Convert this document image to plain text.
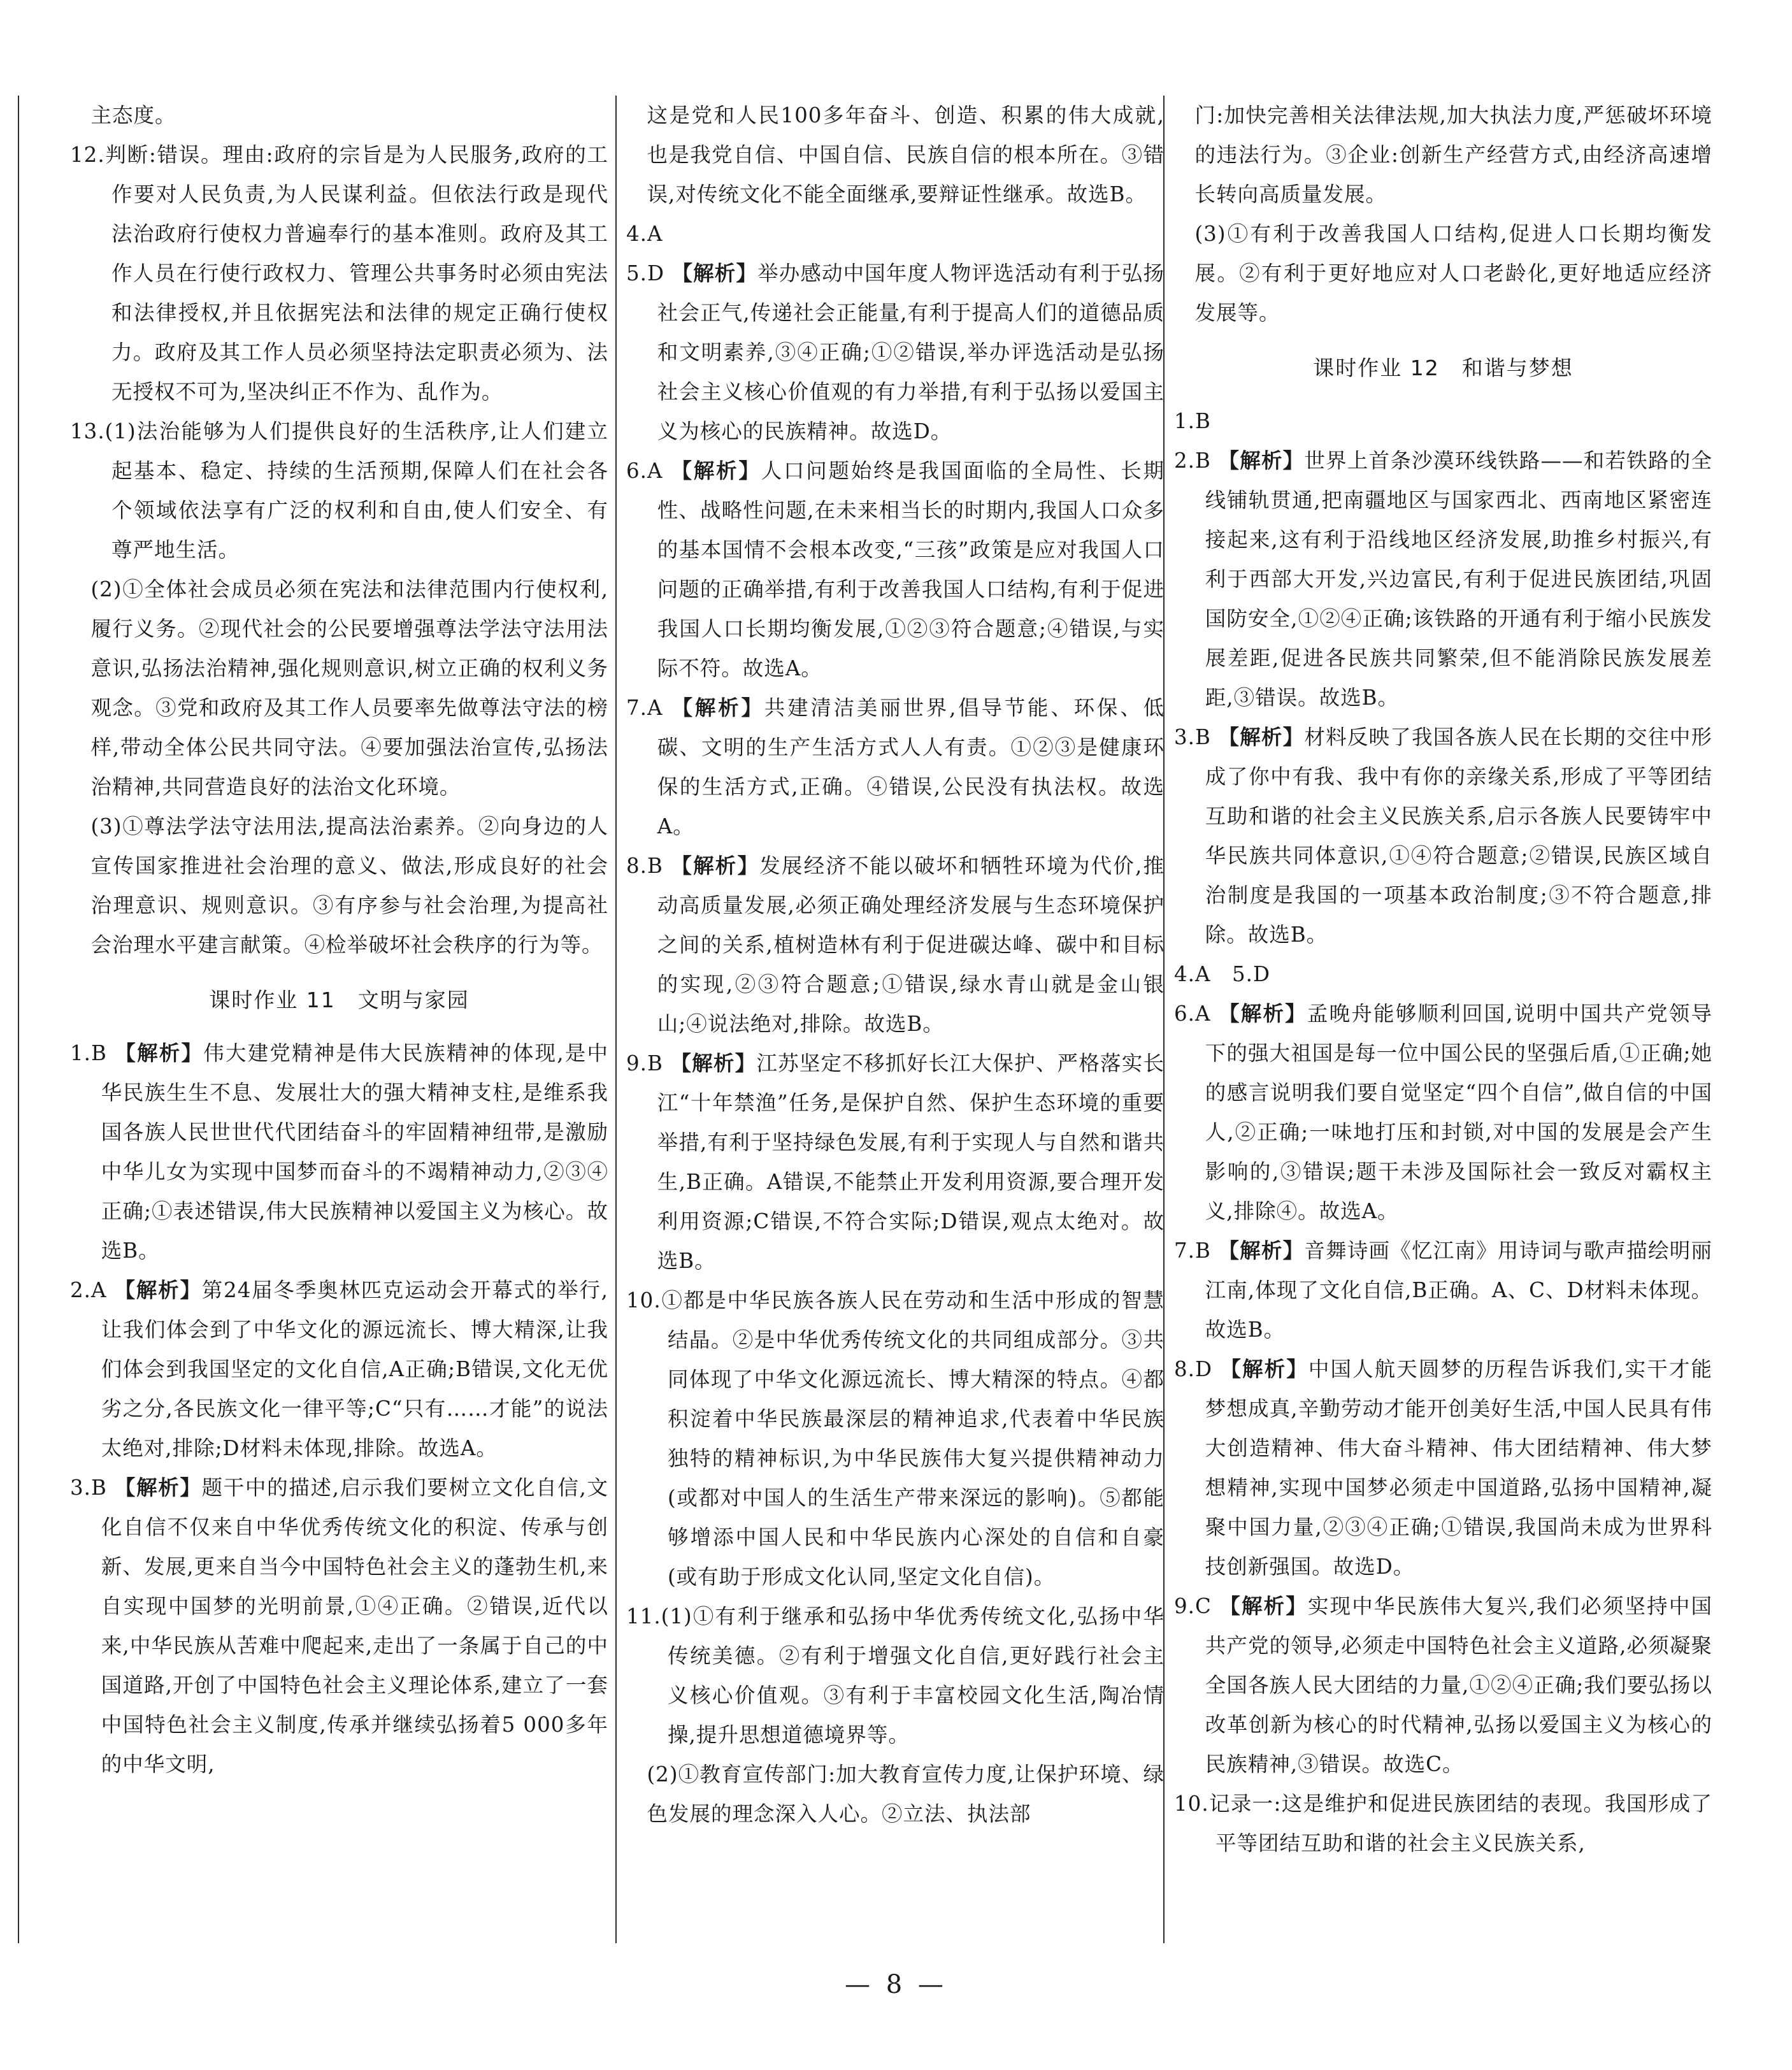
主态度。

12.判断:错误。理由:政府的宗旨是为人民服务,政府的工作要对人民负责,为人民谋利益。但依法行政是现代法治政府行使权力普遍奉行的基本准则。政府及其工作人员在行使行政权力、管理公共事务时必须由宪法和法律授权,并且依据宪法和法律的规定正确行使权力。政府及其工作人员必须坚持法定职责必须为、法无授权不可为,坚决纠正不作为、乱作为。

13.(1)法治能够为人们提供良好的生活秩序,让人们建立起基本、稳定、持续的生活预期,保障人们在社会各个领域依法享有广泛的权利和自由,使人们安全、有尊严地生活。

(2)①全体社会成员必须在宪法和法律范围内行使权利,履行义务。②现代社会的公民要增强尊法学法守法用法意识,弘扬法治精神,强化规则意识,树立正确的权利义务观念。③党和政府及其工作人员要率先做尊法守法的榜样,带动全体公民共同守法。④要加强法治宣传,弘扬法治精神,共同营造良好的法治文化环境。

(3)①尊法学法守法用法,提高法治素养。②向身边的人宣传国家推进社会治理的意义、做法,形成良好的社会治理意识、规则意识。③有序参与社会治理,为提高社会治理水平建言献策。④检举破坏社会秩序的行为等。

课时作业 11　文明与家园

1.B 【解析】伟大建党精神是伟大民族精神的体现,是中华民族生生不息、发展壮大的强大精神支柱,是维系我国各族人民世世代代团结奋斗的牢固精神纽带,是激励中华儿女为实现中国梦而奋斗的不竭精神动力,②③④正确;①表述错误,伟大民族精神以爱国主义为核心。故选B。

2.A 【解析】第24届冬季奥林匹克运动会开幕式的举行,让我们体会到了中华文化的源远流长、博大精深,让我们体会到我国坚定的文化自信,A正确;B错误,文化无优劣之分,各民族文化一律平等;C“只有……才能”的说法太绝对,排除;D材料未体现,排除。故选A。

3.B 【解析】题干中的描述,启示我们要树立文化自信,文化自信不仅来自中华优秀传统文化的积淀、传承与创新、发展,更来自当今中国特色社会主义的蓬勃生机,来自实现中国梦的光明前景,①④正确。②错误,近代以来,中华民族从苦难中爬起来,走出了一条属于自己的中国道路,开创了中国特色社会主义理论体系,建立了一套中国特色社会主义制度,传承并继续弘扬着5 000多年的中华文明,

这是党和人民100多年奋斗、创造、积累的伟大成就,也是我党自信、中国自信、民族自信的根本所在。③错误,对传统文化不能全面继承,要辩证性继承。故选B。

4.A

5.D 【解析】举办感动中国年度人物评选活动有利于弘扬社会正气,传递社会正能量,有利于提高人们的道德品质和文明素养,③④正确;①②错误,举办评选活动是弘扬社会主义核心价值观的有力举措,有利于弘扬以爱国主义为核心的民族精神。故选D。

6.A 【解析】人口问题始终是我国面临的全局性、长期性、战略性问题,在未来相当长的时期内,我国人口众多的基本国情不会根本改变,“三孩”政策是应对我国人口问题的正确举措,有利于改善我国人口结构,有利于促进我国人口长期均衡发展,①②③符合题意;④错误,与实际不符。故选A。

7.A 【解析】共建清洁美丽世界,倡导节能、环保、低碳、文明的生产生活方式人人有责。①②③是健康环保的生活方式,正确。④错误,公民没有执法权。故选A。

8.B 【解析】发展经济不能以破坏和牺牲环境为代价,推动高质量发展,必须正确处理经济发展与生态环境保护之间的关系,植树造林有利于促进碳达峰、碳中和目标的实现,②③符合题意;①错误,绿水青山就是金山银山;④说法绝对,排除。故选B。

9.B 【解析】江苏坚定不移抓好长江大保护、严格落实长江“十年禁渔”任务,是保护自然、保护生态环境的重要举措,有利于坚持绿色发展,有利于实现人与自然和谐共生,B正确。A错误,不能禁止开发利用资源,要合理开发利用资源;C错误,不符合实际;D错误,观点太绝对。故选B。

10.①都是中华民族各族人民在劳动和生活中形成的智慧结晶。②是中华优秀传统文化的共同组成部分。③共同体现了中华文化源远流长、博大精深的特点。④都积淀着中华民族最深层的精神追求,代表着中华民族独特的精神标识,为中华民族伟大复兴提供精神动力(或都对中国人的生活生产带来深远的影响)。⑤都能够增添中国人民和中华民族内心深处的自信和自豪(或有助于形成文化认同,坚定文化自信)。

11.(1)①有利于继承和弘扬中华优秀传统文化,弘扬中华传统美德。②有利于增强文化自信,更好践行社会主义核心价值观。③有利于丰富校园文化生活,陶冶情操,提升思想道德境界等。

(2)①教育宣传部门:加大教育宣传力度,让保护环境、绿色发展的理念深入人心。②立法、执法部

门:加快完善相关法律法规,加大执法力度,严惩破坏环境的违法行为。③企业:创新生产经营方式,由经济高速增长转向高质量发展。

(3)①有利于改善我国人口结构,促进人口长期均衡发展。②有利于更好地应对人口老龄化,更好地适应经济发展等。

课时作业 12　和谐与梦想

1.B

2.B 【解析】世界上首条沙漠环线铁路——和若铁路的全线铺轨贯通,把南疆地区与国家西北、西南地区紧密连接起来,这有利于沿线地区经济发展,助推乡村振兴,有利于西部大开发,兴边富民,有利于促进民族团结,巩固国防安全,①②④正确;该铁路的开通有利于缩小民族发展差距,促进各民族共同繁荣,但不能消除民族发展差距,③错误。故选B。

3.B 【解析】材料反映了我国各族人民在长期的交往中形成了你中有我、我中有你的亲缘关系,形成了平等团结互助和谐的社会主义民族关系,启示各族人民要铸牢中华民族共同体意识,①④符合题意;②错误,民族区域自治制度是我国的一项基本政治制度;③不符合题意,排除。故选B。

4.A　5.D

6.A 【解析】孟晚舟能够顺利回国,说明中国共产党领导下的强大祖国是每一位中国公民的坚强后盾,①正确;她的感言说明我们要自觉坚定“四个自信”,做自信的中国人,②正确;一味地打压和封锁,对中国的发展是会产生影响的,③错误;题干未涉及国际社会一致反对霸权主义,排除④。故选A。

7.B 【解析】音舞诗画《忆江南》用诗词与歌声描绘明丽江南,体现了文化自信,B正确。A、C、D材料未体现。故选B。

8.D 【解析】中国人航天圆梦的历程告诉我们,实干才能梦想成真,辛勤劳动才能开创美好生活,中国人民具有伟大创造精神、伟大奋斗精神、伟大团结精神、伟大梦想精神,实现中国梦必须走中国道路,弘扬中国精神,凝聚中国力量,②③④正确;①错误,我国尚未成为世界科技创新强国。故选D。

9.C 【解析】实现中华民族伟大复兴,我们必须坚持中国共产党的领导,必须走中国特色社会主义道路,必须凝聚全国各族人民大团结的力量,①②④正确;我们要弘扬以改革创新为核心的时代精神,弘扬以爱国主义为核心的民族精神,③错误。故选C。

10.记录一:这是维护和促进民族团结的表现。我国形成了平等团结互助和谐的社会主义民族关系,

— 8 —
